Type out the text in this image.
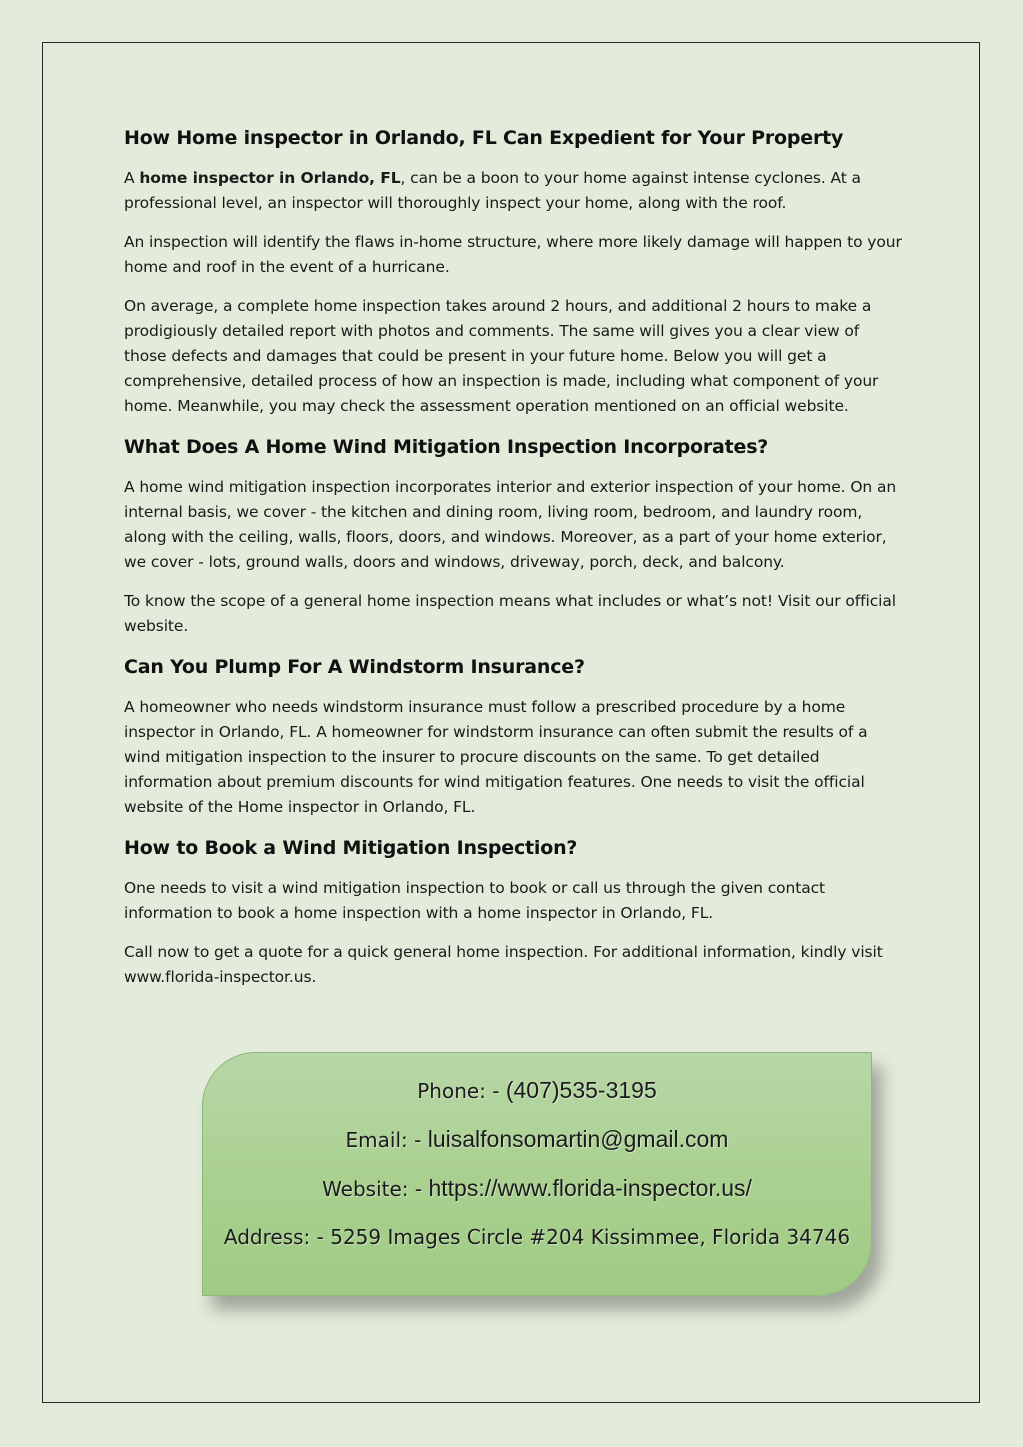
How Home inspector in Orlando, FL Can Expedient for Your Property

A home inspector in Orlando, FL, can be a boon to your home against intense cyclones. At a professional level, an inspector will thoroughly inspect your home, along with the roof.

An inspection will identify the flaws in-home structure, where more likely damage will happen to your home and roof in the event of a hurricane.

On average, a complete home inspection takes around 2 hours, and additional 2 hours to make a prodigiously detailed report with photos and comments. The same will gives you a clear view of those defects and damages that could be present in your future home. Below you will get a comprehensive, detailed process of how an inspection is made, including what component of your home. Meanwhile, you may check the assessment operation mentioned on an official website.

What Does A Home Wind Mitigation Inspection Incorporates?

A home wind mitigation inspection incorporates interior and exterior inspection of your home. On an internal basis, we cover - the kitchen and dining room, living room, bedroom, and laundry room, along with the ceiling, walls, floors, doors, and windows. Moreover, as a part of your home exterior, we cover - lots, ground walls, doors and windows, driveway, porch, deck, and balcony.

To know the scope of a general home inspection means what includes or what’s not! Visit our official website.

Can You Plump For A Windstorm Insurance?

A homeowner who needs windstorm insurance must follow a prescribed procedure by a home inspector in Orlando, FL. A homeowner for windstorm insurance can often submit the results of a wind mitigation inspection to the insurer to procure discounts on the same. To get detailed information about premium discounts for wind mitigation features. One needs to visit the official website of the Home inspector in Orlando, FL.

How to Book a Wind Mitigation Inspection?

One needs to visit a wind mitigation inspection to book or call us through the given contact information to book a home inspection with a home inspector in Orlando, FL.

Call now to get a quote for a quick general home inspection. For additional information, kindly visit www.florida-inspector.us.

Phone: - (407)535-3195
Email: - luisalfonsomartin@gmail.com
Website: - https://www.florida-inspector.us/
Address: - 5259 Images Circle #204 Kissimmee, Florida 34746
